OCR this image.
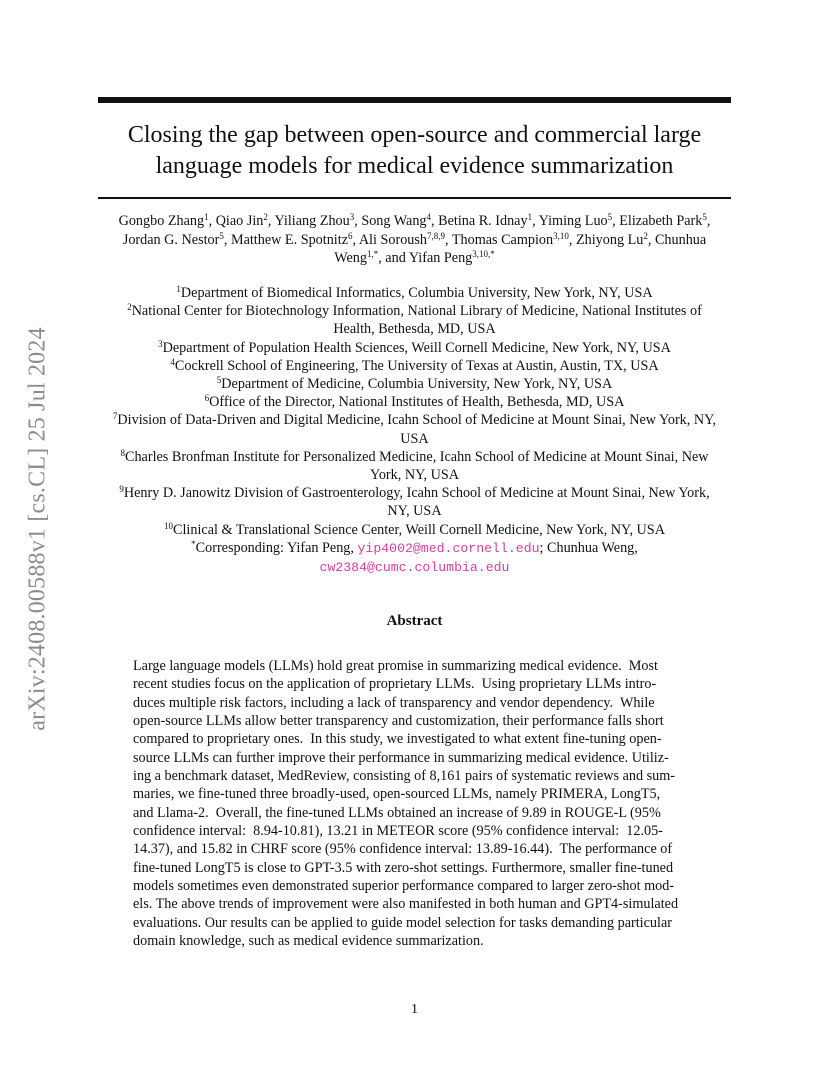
arXiv:2408.00588v1 [cs.CL] 25 Jul 2024
Closing the gap between open-source and commercial large
language models for medical evidence summarization
Gongbo Zhang$^1$, Qiao Jin$^2$, Yiliang Zhou$^3$, Song Wang$^4$, Betina R. Idnay$^1$, Yiming Luo$^5$, Elizabeth Park$^5$,
Jordan G. Nestor$^5$, Matthew E. Spotnitz$^6$, Ali Soroush$^{7,8,9}$, Thomas Campion$^{3,10}$, Zhiyong Lu$^2$, Chunhua
Weng$^{1,*}$, and Yifan Peng$^{3,10,*}$
$^1$Department of Biomedical Informatics, Columbia University, New York, NY, USA
$^2$National Center for Biotechnology Information, National Library of Medicine, National Institutes of
Health, Bethesda, MD, USA
$^3$Department of Population Health Sciences, Weill Cornell Medicine, New York, NY, USA
$^4$Cockrell School of Engineering, The University of Texas at Austin, Austin, TX, USA
$^5$Department of Medicine, Columbia University, New York, NY, USA
$^6$Office of the Director, National Institutes of Health, Bethesda, MD, USA
$^7$Division of Data-Driven and Digital Medicine, Icahn School of Medicine at Mount Sinai, New York, NY,
USA
$^8$Charles Bronfman Institute for Personalized Medicine, Icahn School of Medicine at Mount Sinai, New
York, NY, USA
$^9$Henry D. Janowitz Division of Gastroenterology, Icahn School of Medicine at Mount Sinai, New York,
NY, USA
$^{10}$Clinical & Translational Science Center, Weill Cornell Medicine, New York, NY, USA
*Corresponding: Yifan Peng, yip4002@med.cornell.edu; Chunhua Weng,
cw2384@cumc.columbia.edu
Abstract
Large language models (LLMs) hold great promise in summarizing medical evidence.  Most
recent studies focus on the application of proprietary LLMs.  Using proprietary LLMs intro-
duces multiple risk factors, including a lack of transparency and vendor dependency.  While
open-source LLMs allow better transparency and customization, their performance falls short
compared to proprietary ones.  In this study, we investigated to what extent fine-tuning open-
source LLMs can further improve their performance in summarizing medical evidence. Utiliz-
ing a benchmark dataset, MedReview, consisting of 8,161 pairs of systematic reviews and sum-
maries, we fine-tuned three broadly-used, open-sourced LLMs, namely PRIMERA, LongT5,
and Llama-2.  Overall, the fine-tuned LLMs obtained an increase of 9.89 in ROUGE-L (95%
confidence interval:  8.94-10.81), 13.21 in METEOR score (95% confidence interval:  12.05-
14.37), and 15.82 in CHRF score (95% confidence interval: 13.89-16.44).  The performance of
fine-tuned LongT5 is close to GPT-3.5 with zero-shot settings. Furthermore, smaller fine-tuned
models sometimes even demonstrated superior performance compared to larger zero-shot mod-
els. The above trends of improvement were also manifested in both human and GPT4-simulated
evaluations. Our results can be applied to guide model selection for tasks demanding particular
domain knowledge, such as medical evidence summarization.
1
